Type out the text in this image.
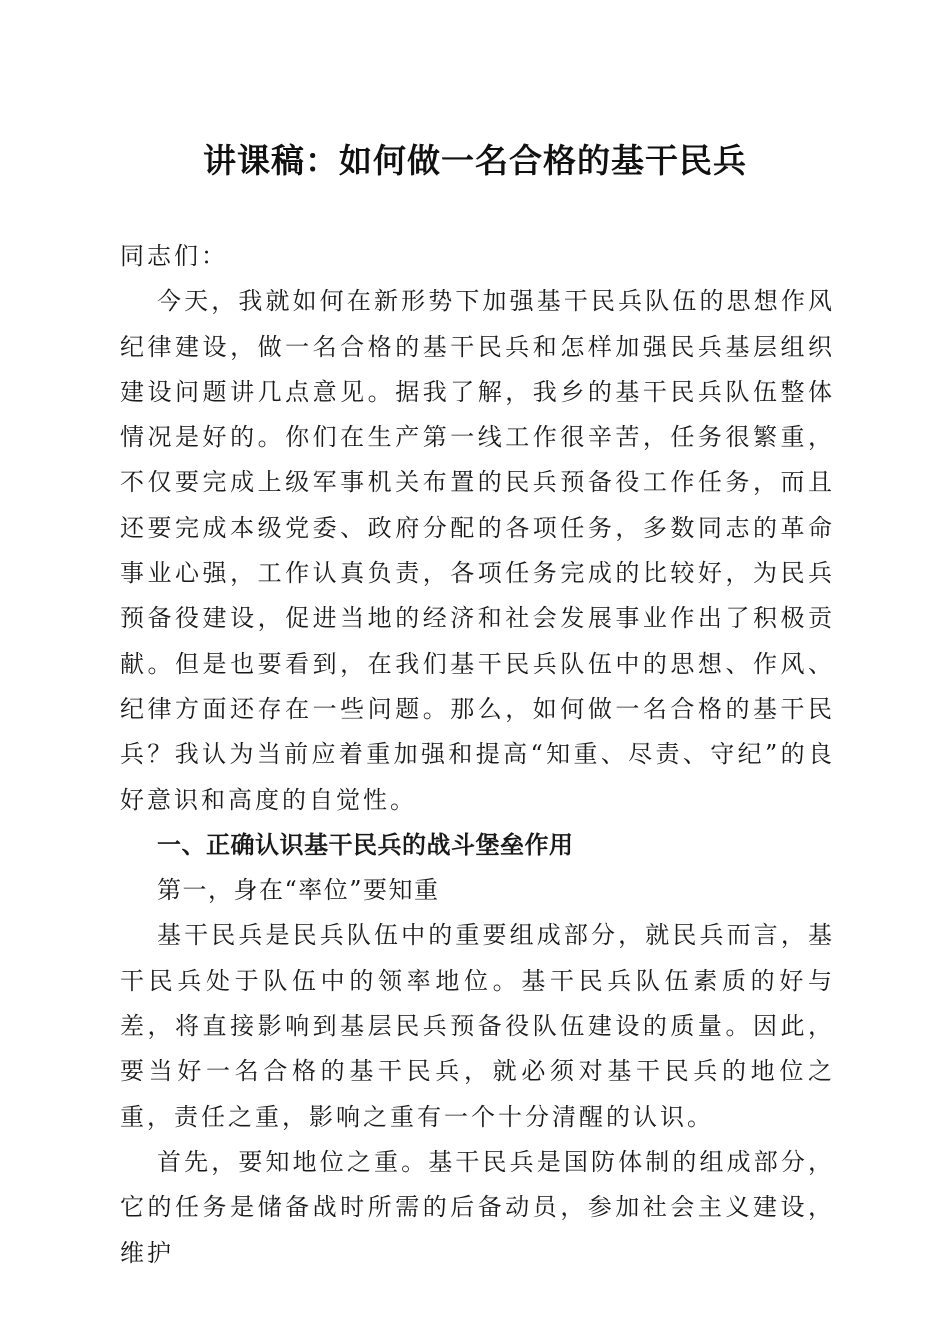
讲课稿：如何做一名合格的基干民兵

同志们：

今天，我就如何在新形势下加强基干民兵队伍的思想作风纪律建设，做一名合格的基干民兵和怎样加强民兵基层组织建设问题讲几点意见。据我了解，我乡的基干民兵队伍整体情况是好的。你们在生产第一线工作很辛苦，任务很繁重，不仅要完成上级军事机关布置的民兵预备役工作任务，而且还要完成本级党委、政府分配的各项任务，多数同志的革命事业心强，工作认真负责，各项任务完成的比较好，为民兵预备役建设，促进当地的经济和社会发展事业作出了积极贡献。但是也要看到，在我们基干民兵队伍中的思想、作风、纪律方面还存在一些问题。那么，如何做一名合格的基干民兵？我认为当前应着重加强和提高“知重、尽责、守纪”的良好意识和高度的自觉性。

一、正确认识基干民兵的战斗堡垒作用

第一，身在“率位”要知重

基干民兵是民兵队伍中的重要组成部分，就民兵而言，基干民兵处于队伍中的领率地位。基干民兵队伍素质的好与差，将直接影响到基层民兵预备役队伍建设的质量。因此，要当好一名合格的基干民兵，就必须对基干民兵的地位之重，责任之重，影响之重有一个十分清醒的认识。

首先，要知地位之重。基干民兵是国防体制的组成部分，它的任务是储备战时所需的后备动员，参加社会主义建设，维护
